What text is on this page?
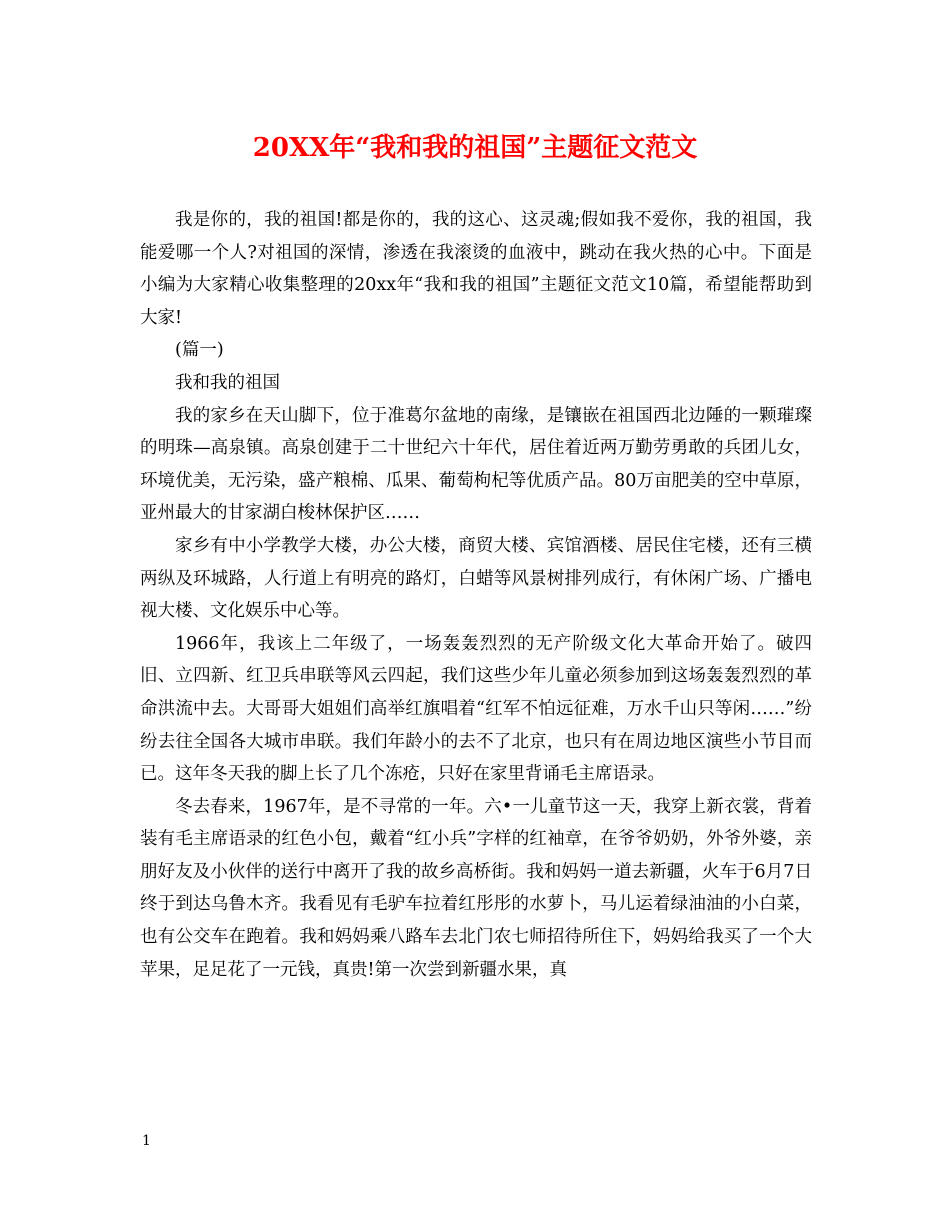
20XX年“我和我的祖国”主题征文范文

我是你的，我的祖国!都是你的，我的这心、这灵魂;假如我不爱你，我的祖国，我能爱哪一个人?对祖国的深情，渗透在我滚烫的血液中，跳动在我火热的心中。下面是小编为大家精心收集整理的20xx年“我和我的祖国”主题征文范文10篇，希望能帮助到大家!

(篇一)

我和我的祖国

我的家乡在天山脚下，位于准葛尔盆地的南缘，是镶嵌在祖国西北边陲的一颗璀璨的明珠—高泉镇。高泉创建于二十世纪六十年代，居住着近两万勤劳勇敢的兵团儿女，环境优美，无污染，盛产粮棉、瓜果、葡萄枸杞等优质产品。80万亩肥美的空中草原，亚州最大的甘家湖白梭林保护区……

家乡有中小学教学大楼，办公大楼，商贸大楼、宾馆酒楼、居民住宅楼，还有三横两纵及环城路，人行道上有明亮的路灯，白蜡等风景树排列成行，有休闲广场、广播电视大楼、文化娱乐中心等。

1966年，我该上二年级了，一场轰轰烈烈的无产阶级文化大革命开始了。破四旧、立四新、红卫兵串联等风云四起，我们这些少年儿童必须参加到这场轰轰烈烈的革命洪流中去。大哥哥大姐姐们高举红旗唱着“红军不怕远征难，万水千山只等闲……”纷纷去往全国各大城市串联。我们年龄小的去不了北京，也只有在周边地区演些小节目而已。这年冬天我的脚上长了几个冻疮，只好在家里背诵毛主席语录。

冬去春来，1967年，是不寻常的一年。六•一儿童节这一天，我穿上新衣裳，背着装有毛主席语录的红色小包，戴着“红小兵”字样的红袖章，在爷爷奶奶，外爷外婆，亲朋好友及小伙伴的送行中离开了我的故乡高桥街。我和妈妈一道去新疆，火车于6月7日终于到达乌鲁木齐。我看见有毛驴车拉着红彤彤的水萝卜，马儿运着绿油油的小白菜，也有公交车在跑着。我和妈妈乘八路车去北门农七师招待所住下，妈妈给我买了一个大苹果，足足花了一元钱，真贵!第一次尝到新疆水果，真

1
